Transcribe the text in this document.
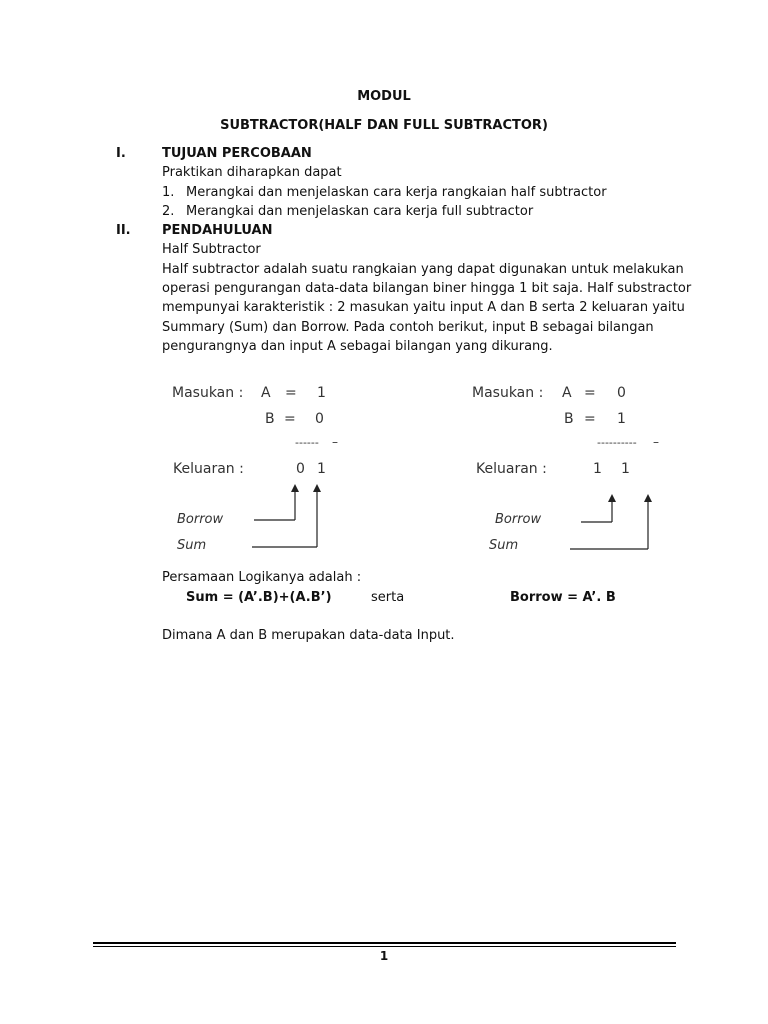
MODUL
SUBTRACTOR(HALF DAN FULL SUBTRACTOR)
I.	TUJUAN PERCOBAAN
Praktikan diharapkan dapat
1. Merangkai dan menjelaskan cara kerja rangkaian half subtractor
2. Merangkai dan menjelaskan cara kerja full subtractor
II. PENDAHULUAN
Half Subtractor
Half subtractor adalah suatu rangkaian yang dapat digunakan untuk melakukan
operasi pengurangan data-data bilangan biner hingga 1 bit saja. Half substractor
mempunyai karakteristik : 2 masukan yaitu input A dan B serta 2 keluaran yaitu
Summary (Sum) dan Borrow. Pada contoh berikut, input B sebagai bilangan
pengurangnya dan input A sebagai bilangan yang dikurang.
Masukan : A = 1
B = 0
------ –
Keluaran :	0 1
Borrow
Sum
Masukan : A = 0
B = 1
---------- –
Keluaran :	1 1
Borrow
Sum
Persamaan Logikanya adalah :
Sum = (A’.B)+(A.B’)	serta	Borrow = A’. B
Dimana A dan B merupakan data-data Input.
1
